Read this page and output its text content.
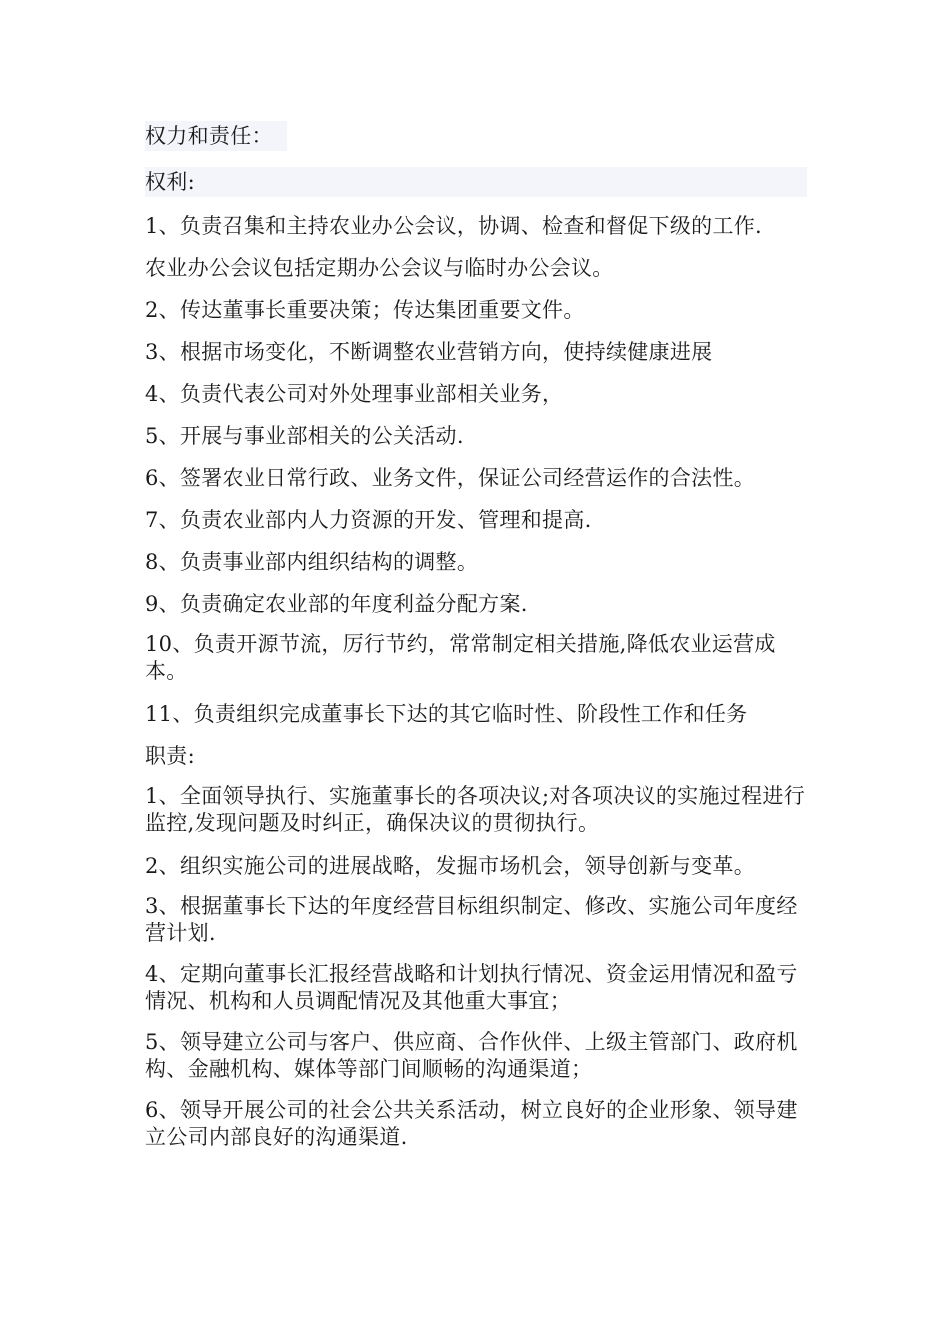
权力和责任：
权利:
1、负责召集和主持农业办公会议，协调、检查和督促下级的工作.
农业办公会议包括定期办公会议与临时办公会议。
2、传达董事长重要决策；传达集团重要文件。
3、根据市场变化，不断调整农业营销方向，使持续健康进展
4、负责代表公司对外处理事业部相关业务，
5、开展与事业部相关的公关活动.
6、签署农业日常行政、业务文件，保证公司经营运作的合法性。
7、负责农业部内人力资源的开发、管理和提高.
8、负责事业部内组织结构的调整。
9、负责确定农业部的年度利益分配方案.
10、负责开源节流，厉行节约，常常制定相关措施,降低农业运营成本。
11、负责组织完成董事长下达的其它临时性、阶段性工作和任务
职责:
1、全面领导执行、实施董事长的各项决议;对各项决议的实施过程进行监控,发现问题及时纠正，确保决议的贯彻执行。
2、组织实施公司的进展战略，发掘市场机会，领导创新与变革。
3、根据董事长下达的年度经营目标组织制定、修改、实施公司年度经营计划.
4、定期向董事长汇报经营战略和计划执行情况、资金运用情况和盈亏情况、机构和人员调配情况及其他重大事宜；
5、领导建立公司与客户、供应商、合作伙伴、上级主管部门、政府机构、金融机构、媒体等部门间顺畅的沟通渠道；
6、领导开展公司的社会公共关系活动，树立良好的企业形象、领导建立公司内部良好的沟通渠道.
